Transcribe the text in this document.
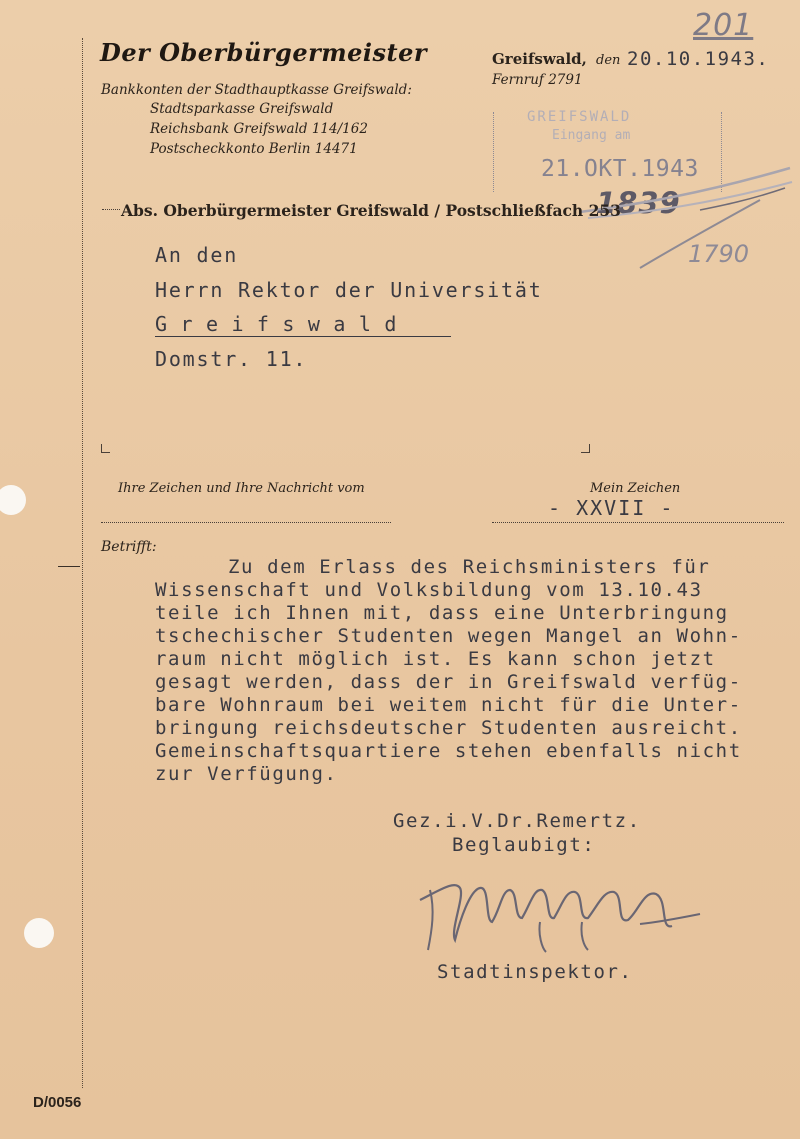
201
Der Oberbürgermeister
Bankkonten der Stadthauptkasse Greifswald:
Stadtsparkasse Greifswald
Reichsbank Greifswald 114/162
Postscheckkonto Berlin 14471
Greifswald, den 20.10.1943.
Fernruf 2791
GREIFSWALD
Eingang am
21.OKT.1943
1839
1790
Abs. Oberbürgermeister Greifswald / Postschließfach 253
An den
Herrn Rektor der Universität
G r e i f s w a l d
Domstr. 11.
Ihre Zeichen und Ihre Nachricht vom	Mein Zeichen
- XXVII -
Betrifft:
Zu dem Erlass des Reichsministers für
Wissenschaft und Volksbildung vom 13.10.43
teile ich Ihnen mit, dass eine Unterbringung
tschechischer Studenten wegen Mangel an Wohn-
raum nicht möglich ist. Es kann schon jetzt
gesagt werden, dass der in Greifswald verfüg-
bare Wohnraum bei weitem nicht für die Unter-
bringung reichsdeutscher Studenten ausreicht.
Gemeinschaftsquartiere stehen ebenfalls nicht
zur Verfügung.
Gez.i.V.Dr.Remertz.
Beglaubigt:
Stadtinspektor.
D/0056
